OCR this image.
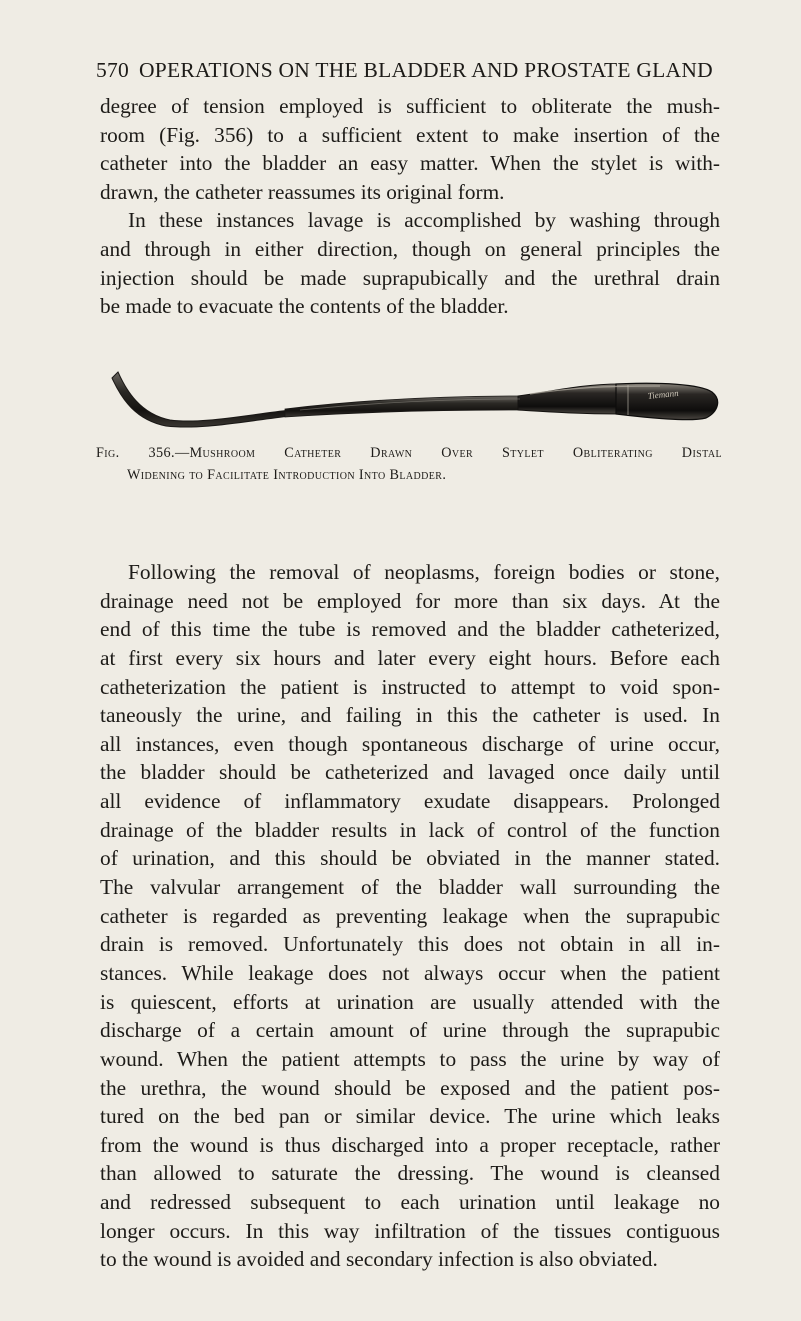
570 OPERATIONS ON THE BLADDER AND PROSTATE GLAND
degree of tension employed is sufficient to obliterate the mush-
room (Fig. 356) to a sufficient extent to make insertion of the
catheter into the bladder an easy matter. When the stylet is with-
drawn, the catheter reassumes its original form.
In these instances lavage is accomplished by washing through
and through in either direction, though on general principles the
injection should be made suprapubically and the urethral drain
be made to evacuate the contents of the bladder.
Tiemann
Fig. 356.—Mushroom Catheter Drawn Over Stylet Obliterating Distal
Widening to Facilitate Introduction Into Bladder.
Following the removal of neoplasms, foreign bodies or stone,
drainage need not be employed for more than six days. At the
end of this time the tube is removed and the bladder catheterized,
at first every six hours and later every eight hours. Before each
catheterization the patient is instructed to attempt to void spon-
taneously the urine, and failing in this the catheter is used. In
all instances, even though spontaneous discharge of urine occur,
the bladder should be catheterized and lavaged once daily until
all evidence of inflammatory exudate disappears. Prolonged
drainage of the bladder results in lack of control of the function
of urination, and this should be obviated in the manner stated.
The valvular arrangement of the bladder wall surrounding the
catheter is regarded as preventing leakage when the suprapubic
drain is removed. Unfortunately this does not obtain in all in-
stances. While leakage does not always occur when the patient
is quiescent, efforts at urination are usually attended with the
discharge of a certain amount of urine through the suprapubic
wound. When the patient attempts to pass the urine by way of
the urethra, the wound should be exposed and the patient pos-
tured on the bed pan or similar device. The urine which leaks
from the wound is thus discharged into a proper receptacle, rather
than allowed to saturate the dressing. The wound is cleansed
and redressed subsequent to each urination until leakage no
longer occurs. In this way infiltration of the tissues contiguous
to the wound is avoided and secondary infection is also obviated.
